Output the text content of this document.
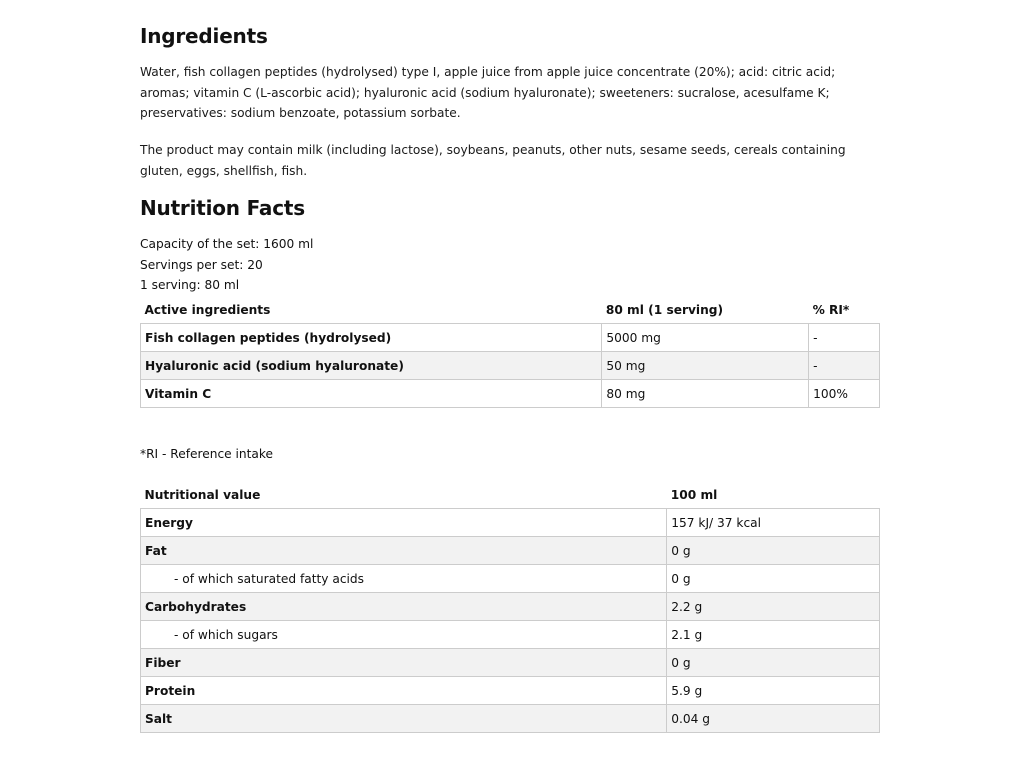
Ingredients

Water, fish collagen peptides (hydrolysed) type I, apple juice from apple juice concentrate (20%); acid: citric acid; aromas; vitamin C (L-ascorbic acid); hyaluronic acid (sodium hyaluronate); sweeteners: sucralose, acesulfame K; preservatives: sodium benzoate, potassium sorbate.

The product may contain milk (including lactose), soybeans, peanuts, other nuts, sesame seeds, cereals containing gluten, eggs, shellfish, fish.

Nutrition Facts
Capacity of the set: 1600 ml
Servings per set: 20
1 serving: 80 ml
Active ingredients	80 ml (1 serving)	% RI*
Fish collagen peptides (hydrolysed)	5000 mg	-
Hyaluronic acid (sodium hyaluronate)	50 mg	-
Vitamin C	80 mg	100%
*RI - Reference intake
Nutritional value	100 ml
Energy	157 kJ/ 37 kcal
Fat	0 g
- of which saturated fatty acids	0 g
Carbohydrates	2.2 g
- of which sugars	2.1 g
Fiber	0 g
Protein	5.9 g
Salt	0.04 g
